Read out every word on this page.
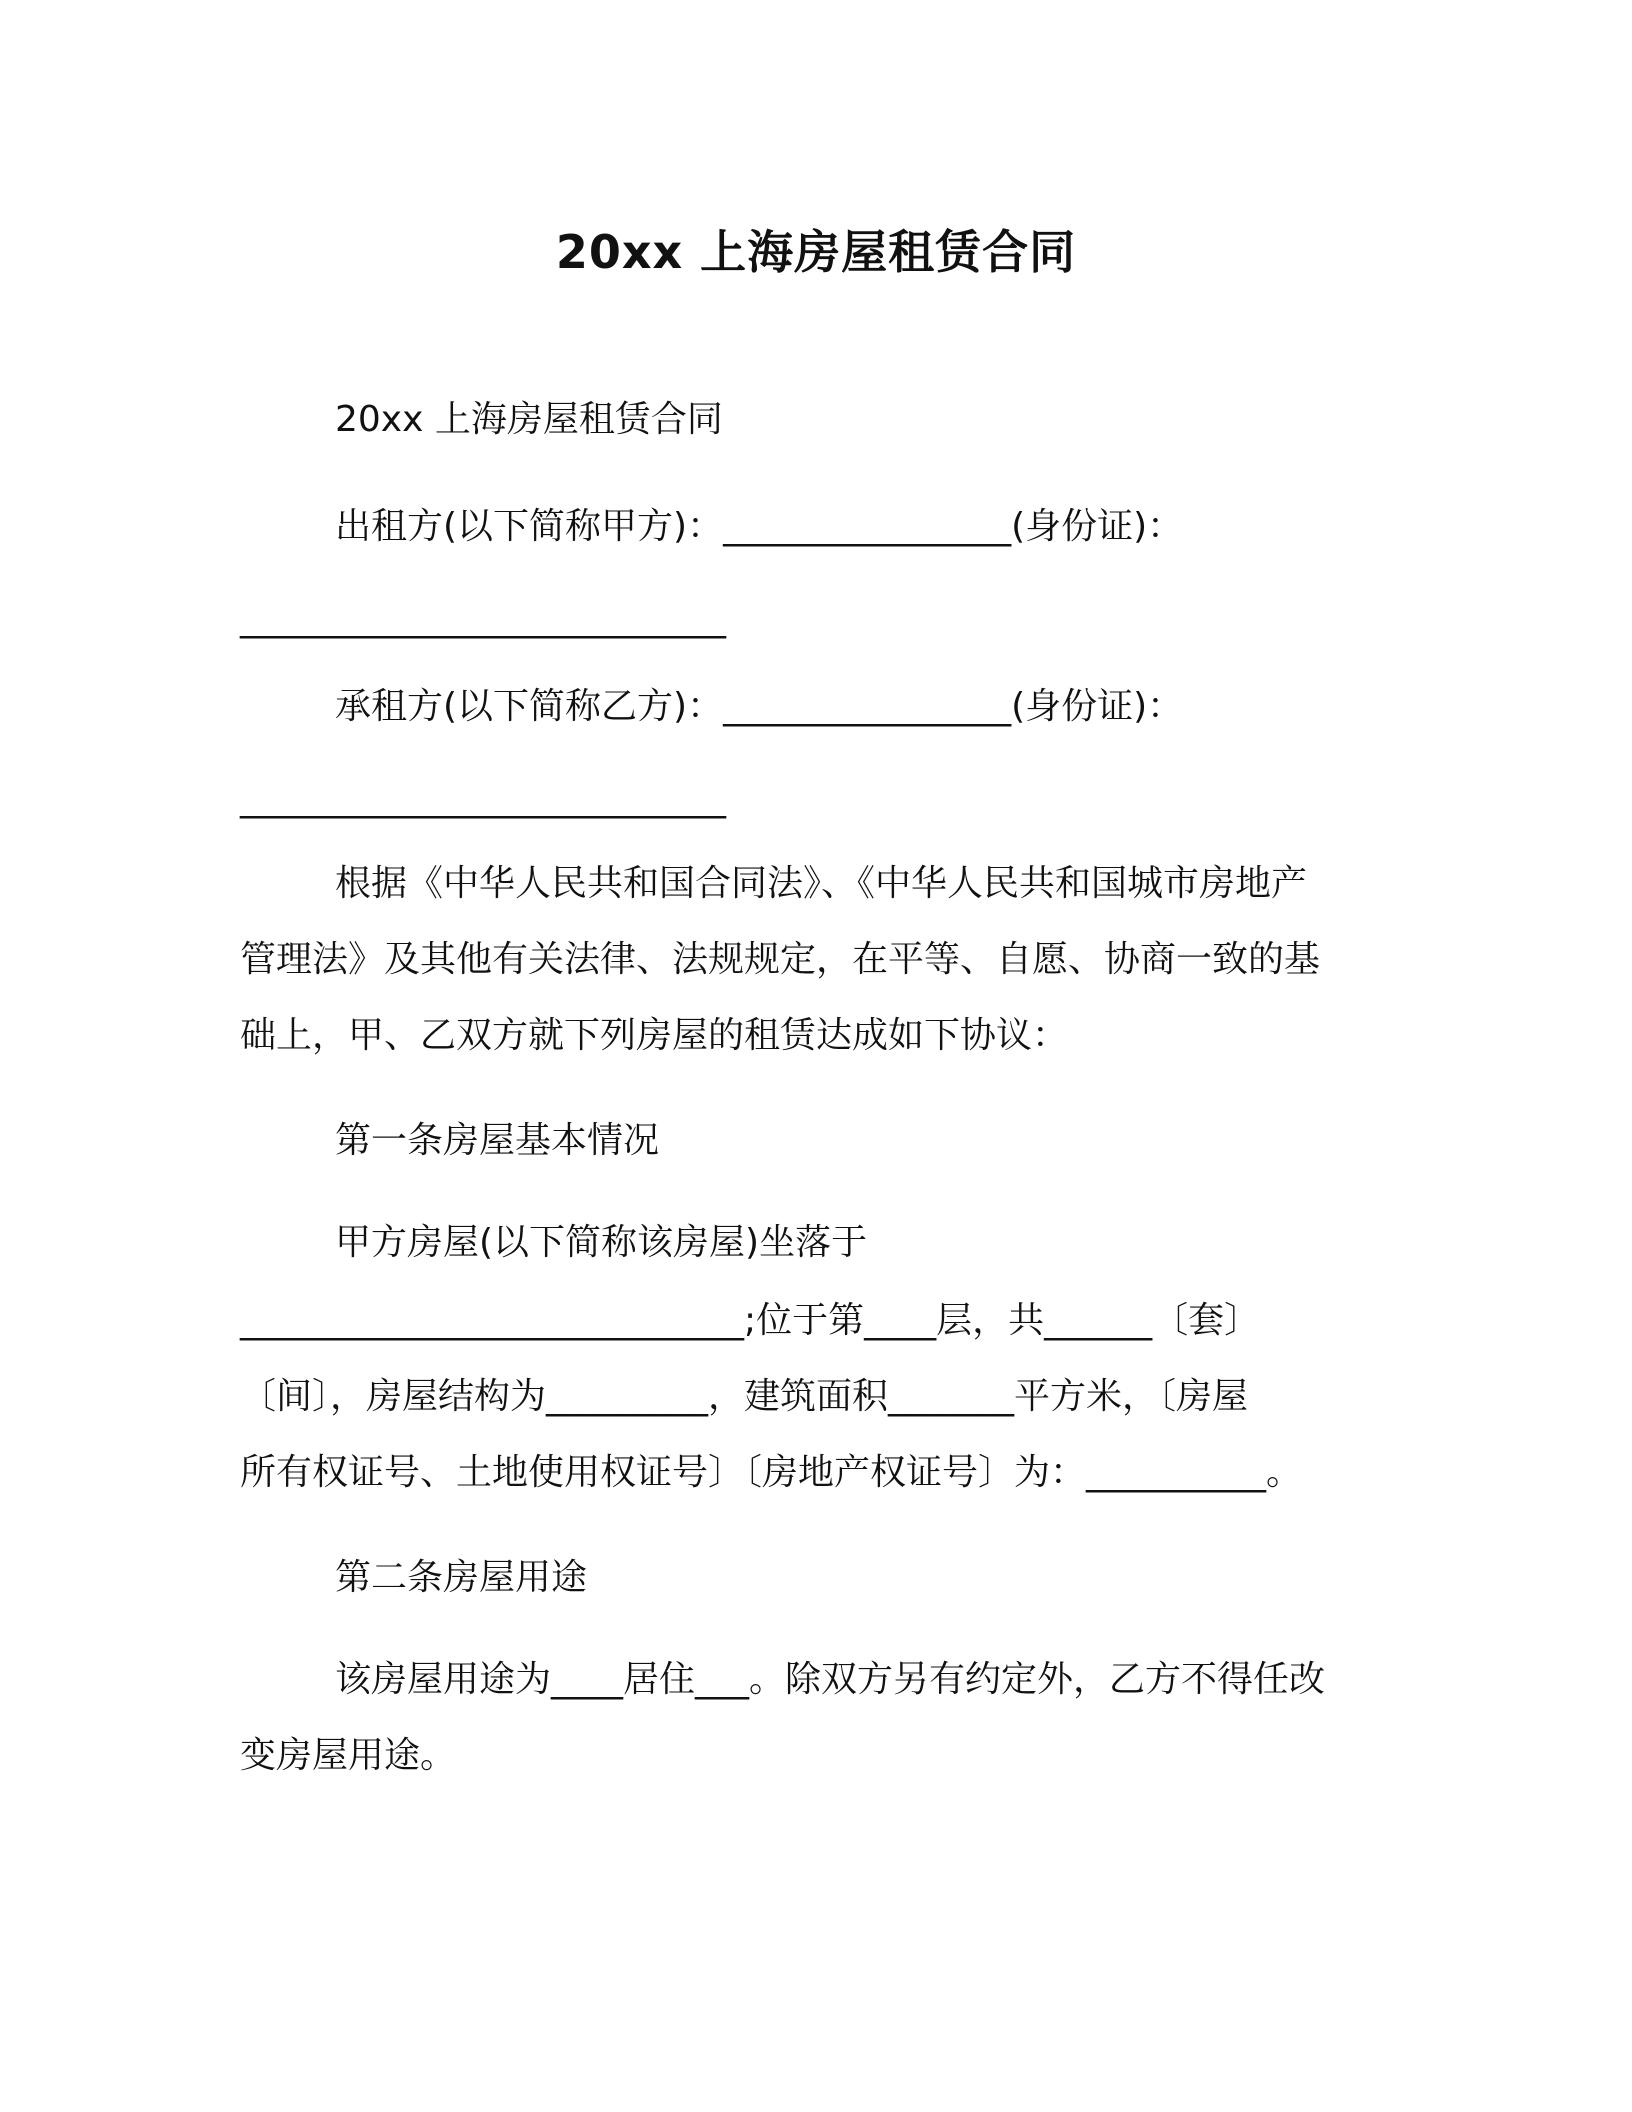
20xx 上海房屋租赁合同
20xx 上海房屋租赁合同
出租方(以下简称甲方)：________________(身份证)：
___________________________
承租方(以下简称乙方)：________________(身份证)：
___________________________
根据《中华人民共和国合同法》、《中华人民共和国城市房地产
管理法》及其他有关法律、法规规定，在平等、自愿、协商一致的基
础上，甲、乙双方就下列房屋的租赁达成如下协议：
第一条房屋基本情况
甲方房屋(以下简称该房屋)坐落于
____________________________;位于第____层，共______〔套〕
〔间〕，房屋结构为_________，建筑面积_______平方米，〔房屋
所有权证号、土地使用权证号〕〔房地产权证号〕为：__________。
第二条房屋用途
该房屋用途为____居住___。除双方另有约定外，乙方不得任改
变房屋用途。
